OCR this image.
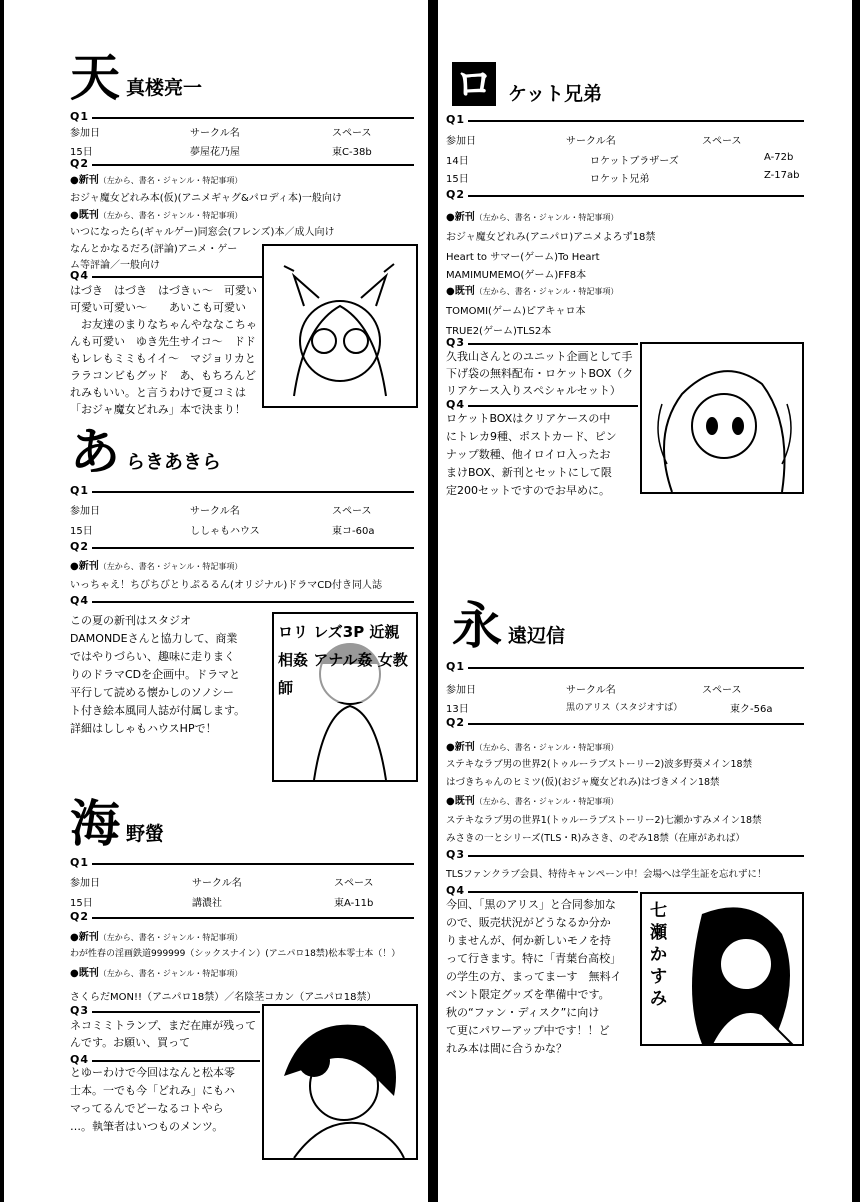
天 真楼亮一
Q1
参加日	サークル名	スペース
15日	夢屋花乃屋	東C-38b
Q2
●新刊（左から、書名・ジャンル・特記事項）
おジャ魔女どれみ本(仮)(アニメギャグ&パロディ本)一般向け
●既刊（左から、書名・ジャンル・特記事項）
いつになったら(ギャルゲー)同窓会(フレンズ)本／成人向け
なんとかなるだろ(評論)アニメ・ゲー
ム等評論／一般向け
Q4
はづき　はづき　はづきぃ〜　可愛い
可愛い可愛い〜　　あいこも可愛い
　お友達のまりなちゃんやななこちゃ
んも可愛い　ゆき先生サイコ〜　ドド
もレレもミミもイイ〜　マジョリカと
ララコンビもグッド　あ、もちろんど
れみもいい。と言うわけで夏コミは
「おジャ魔女どれみ」本で決まり！
あ らきあきら
Q1
参加日	サークル名	スペース
15日	ししゃもハウス	東コ-60a
Q2
●新刊（左から、書名・ジャンル・特記事項）
いっちゃえ！ちびちびとりぷるるん(オリジナル)ドラマCD付き同人誌
Q4
この夏の新刊はスタジオ
DAMONDEさんと協力して、商業
ではやりづらい、趣味に走りまく
りのドラマCDを企画中。ドラマと
平行して読める懐かしのソノシー
ト付き絵本風同人誌が付属します。
詳細はししゃもハウスHPで！
ロリ レズ3P 近親相姦 アナル姦 女教師
海 野螢
Q1
参加日	サークル名	スペース
15日	講濃社	東A-11b
Q2
●新刊（左から、書名・ジャンル・特記事項）
わが性春の淫画鉄道999999（シックスナイン）(アニパロ18禁)松本零士本（！）
●既刊（左から、書名・ジャンル・特記事項）
さくらだMON!!（アニパロ18禁）／名陰茎コカン（アニパロ18禁）
Q3
ネコミミトランプ、まだ在庫が残って
んです。お願い、買って
Q4
とゆーわけで今回はなんと松本零
士本。一でも今「どれみ」にもハ
マってるんでどーなるコトやら
…。執筆者はいつものメンツ。
ロ ケット兄弟
Q1
参加日	サークル名	スペース
14日	ロケットブラザーズ	A-72b
15日	ロケット兄弟	Z-17ab
Q2
●新刊（左から、書名・ジャンル・特記事項）
おジャ魔女どれみ(アニパロ)アニメよろず18禁
Heart to サマー(ゲーム)To Heart
MAMIMUMEMO(ゲーム)FF8本
●既刊（左から、書名・ジャンル・特記事項）
TOMOMI(ゲーム)ピアキャロ本
TRUE2(ゲーム)TLS2本
Q3
久我山さんとのユニット企画として手
下げ袋の無料配布・ロケットBOX（ク
リアケース入りスペシャルセット）
Q4
ロケットBOXはクリアケースの中
にトレカ9種、ポストカード、ピン
ナップ数種、他イロイロ入ったお
まけBOX、新刊とセットにして限
定200セットですのでお早めに。
永 遠辺信
Q1
参加日	サークル名	スペース
13日	黒のアリス（スタジオすば）	東ク-56a
Q2
●新刊（左から、書名・ジャンル・特記事項）
ステキなラブ男の世界2(トゥルーラブストーリー2)波多野葵メイン18禁
はづきちゃんのヒミツ(仮)(おジャ魔女どれみ)はづきメイン18禁
●既刊（左から、書名・ジャンル・特記事項）
ステキなラブ男の世界1(トゥルーラブストーリー2)七瀬かすみメイン18禁
みさきの一とシリーズ(TLS・R)みさき、のぞみ18禁（在庫があれば）
Q3
TLSファンクラブ会員、特待キャンペーン中！会場へは学生証を忘れずに！
Q4
今回、「黒のアリス」と合同参加な
ので、販売状況がどうなるか分か
りませんが、何か新しいモノを持
って行きます。特に「青葉台高校」
の学生の方、まってまーす　無料イ
ベント限定グッズを準備中です。
秋の“ファン・ディスク”に向け
て更にパワーアップ中です！！ど
れみ本は間に合うかな？
七瀬かすみ
